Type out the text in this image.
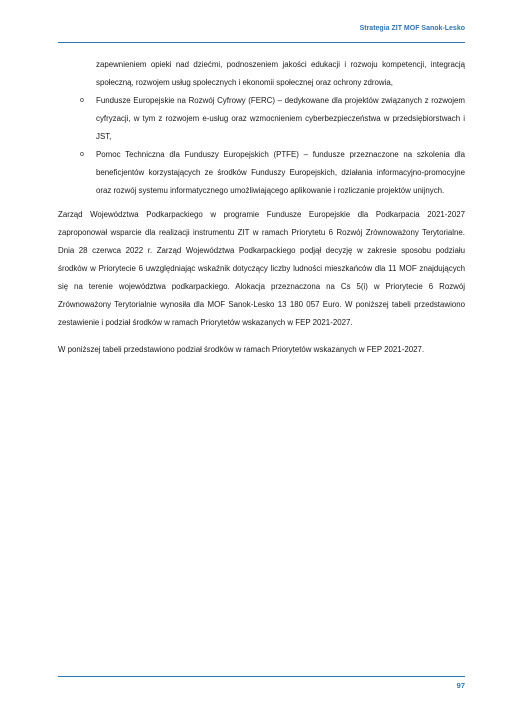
Strategia ZIT MOF Sanok-Lesko

zapewnieniem opieki nad dziećmi, podnoszeniem jakości edukacji i rozwoju kompetencji, integracją społeczną, rozwojem usług społecznych i ekonomii społecznej oraz ochrony zdrowia,

o Fundusze Europejskie na Rozwój Cyfrowy (FERC) – dedykowane dla projektów związanych z rozwojem cyfryzacji, w tym z rozwojem e-usług oraz wzmocnieniem cyberbezpieczeństwa w przedsiębiorstwach i JST,
o Pomoc Techniczna dla Funduszy Europejskich (PTFE) – fundusze przeznaczone na szkolenia dla beneficjentów korzystających ze środków Funduszy Europejskich, działania informacyjno-promocyjne oraz rozwój systemu informatycznego umożliwiającego aplikowanie i rozliczanie projektów unijnych.

Zarząd Województwa Podkarpackiego w programie Fundusze Europejskie dla Podkarpacia 2021-2027 zaproponował wsparcie dla realizacji instrumentu ZIT w ramach Priorytetu 6 Rozwój Zrównoważony Terytorialne. Dnia 28 czerwca 2022 r. Zarząd Województwa Podkarpackiego podjął decyzję w zakresie sposobu podziału środków w Priorytecie 6 uwzględniając wskaźnik dotyczący liczby ludności mieszkańców dla 11 MOF znajdujących się na terenie województwa podkarpackiego. Alokacja przeznaczona na Cs 5(i) w Priorytecie 6 Rozwój Zrównoważony Terytorialnie wynosiła dla MOF Sanok-Lesko 13 180 057 Euro. W poniższej tabeli przedstawiono zestawienie i podział środków w ramach Priorytetów wskazanych w FEP 2021-2027.

W poniższej tabeli przedstawiono podział środków w ramach Priorytetów wskazanych w FEP 2021-2027.

97
